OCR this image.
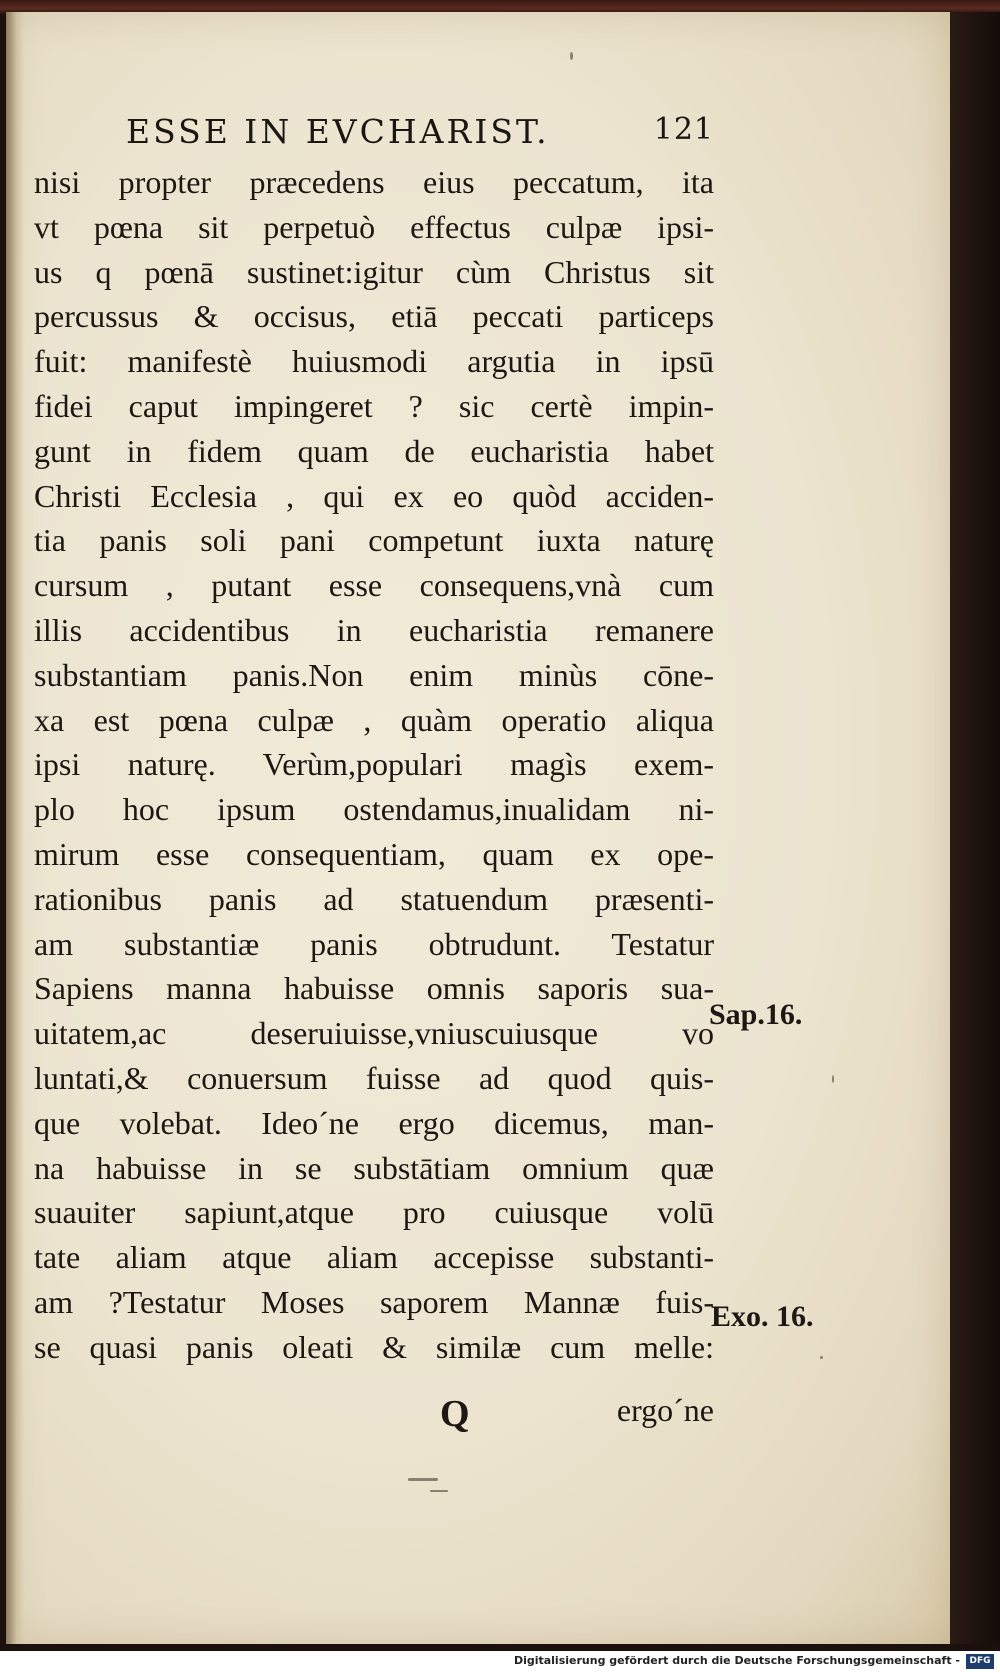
ESSE IN EVCHARIST.	121
nisi propter præcedens eius peccatum, ita
vt pœna sit perpetuò effectus culpæ ipsi-
us q pœnā sustinet:igitur cùm Christus sit
percussus & occisus, etiā peccati particeps
fuit: manifestè huiusmodi argutia in ipsū
fidei caput impingeret ? sic certè impin-
gunt in fidem quam de eucharistia habet
Christi Ecclesia , qui ex eo quòd acciden-
tia panis soli pani competunt iuxta naturę
cursum , putant esse consequens,vnà cum
illis accidentibus in eucharistia remanere
substantiam panis.Non enim minùs cōne-
xa est pœna culpæ , quàm operatio aliqua
ipsi naturę. Verùm,populari magìs exem-
plo hoc ipsum ostendamus,inualidam ni-
mirum esse consequentiam, quam ex ope-
rationibus panis ad statuendum præsenti-
am substantiæ panis obtrudunt. Testatur
Sapiens manna habuisse omnis saporis sua-
uitatem,ac deseruiuisse,vniuscuiusque vo
luntati,& conuersum fuisse ad quod quis-
que volebat. Ideo´ne ergo dicemus, man-
na habuisse in se substātiam omnium quæ
suauiter sapiunt,atque pro cuiusque volū
tate aliam atque aliam accepisse substanti-
am ?Testatur Moses saporem Mannæ fuis-
se quasi panis oleati & similæ cum melle:
Q	ergo´ne
Sap.16.
Exo. 16.
Digitalisierung gefördert durch die Deutsche Forschungsgemeinschaft -	DFG
